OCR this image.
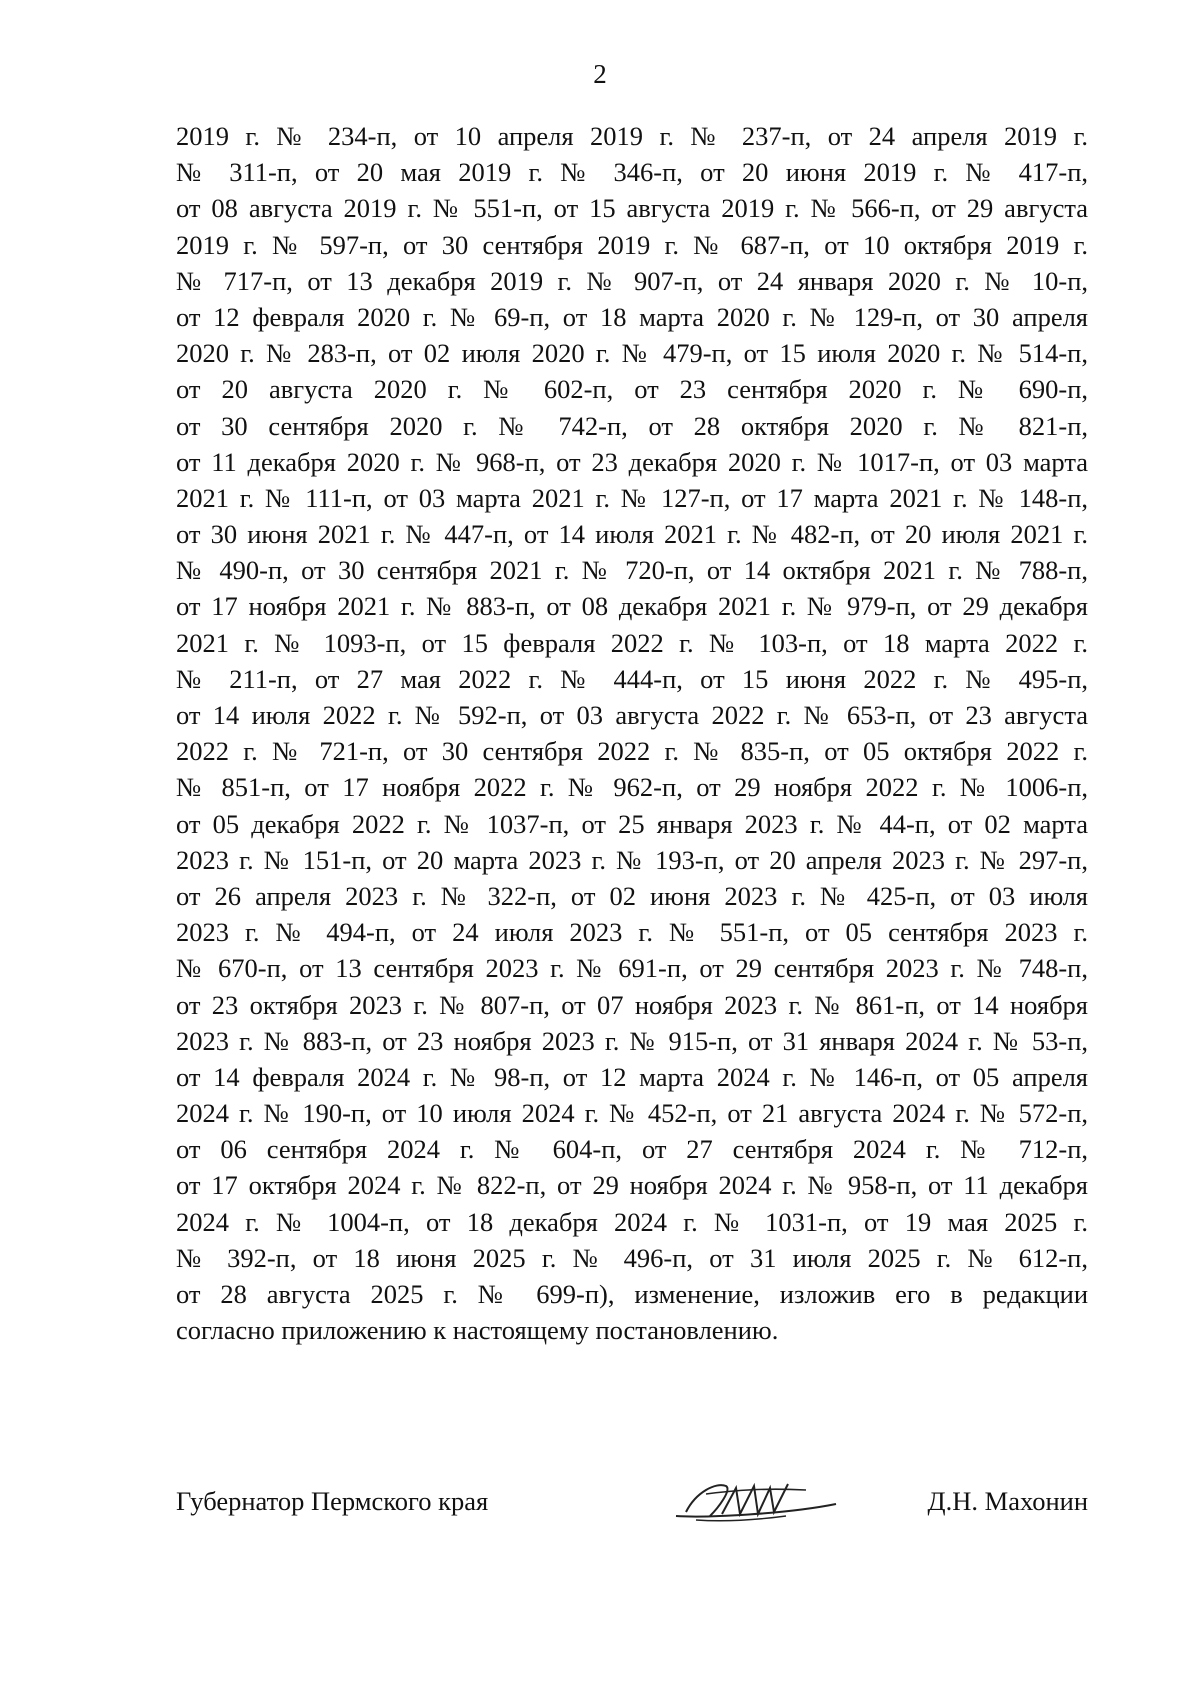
2
2019 г. № 234-п, от 10 апреля 2019 г. № 237-п, от 24 апреля 2019 г.
№ 311-п, от 20 мая 2019 г. № 346-п, от 20 июня 2019 г. № 417-п,
от 08 августа 2019 г. № 551-п, от 15 августа 2019 г. № 566-п, от 29 августа
2019 г. № 597-п, от 30 сентября 2019 г. № 687-п, от 10 октября 2019 г.
№ 717-п, от 13 декабря 2019 г. № 907-п, от 24 января 2020 г. № 10-п,
от 12 февраля 2020 г. № 69-п, от 18 марта 2020 г. № 129-п, от 30 апреля
2020 г. № 283-п, от 02 июля 2020 г. № 479-п, от 15 июля 2020 г. № 514-п,
от 20 августа 2020 г. № 602-п, от 23 сентября 2020 г. № 690-п,
от 30 сентября 2020 г. № 742-п, от 28 октября 2020 г. № 821-п,
от 11 декабря 2020 г. № 968-п, от 23 декабря 2020 г. № 1017-п, от 03 марта
2021 г. № 111-п, от 03 марта 2021 г. № 127-п, от 17 марта 2021 г. № 148-п,
от 30 июня 2021 г. № 447-п, от 14 июля 2021 г. № 482-п, от 20 июля 2021 г.
№ 490-п, от 30 сентября 2021 г. № 720-п, от 14 октября 2021 г. № 788-п,
от 17 ноября 2021 г. № 883-п, от 08 декабря 2021 г. № 979-п, от 29 декабря
2021 г. № 1093-п, от 15 февраля 2022 г. № 103-п, от 18 марта 2022 г.
№ 211-п, от 27 мая 2022 г. № 444-п, от 15 июня 2022 г. № 495-п,
от 14 июля 2022 г. № 592-п, от 03 августа 2022 г. № 653-п, от 23 августа
2022 г. № 721-п, от 30 сентября 2022 г. № 835-п, от 05 октября 2022 г.
№ 851-п, от 17 ноября 2022 г. № 962-п, от 29 ноября 2022 г. № 1006-п,
от 05 декабря 2022 г. № 1037-п, от 25 января 2023 г. № 44-п, от 02 марта
2023 г. № 151-п, от 20 марта 2023 г. № 193-п, от 20 апреля 2023 г. № 297-п,
от 26 апреля 2023 г. № 322-п, от 02 июня 2023 г. № 425-п, от 03 июля
2023 г. № 494-п, от 24 июля 2023 г. № 551-п, от 05 сентября 2023 г.
№ 670-п, от 13 сентября 2023 г. № 691-п, от 29 сентября 2023 г. № 748-п,
от 23 октября 2023 г. № 807-п, от 07 ноября 2023 г. № 861-п, от 14 ноября
2023 г. № 883-п, от 23 ноября 2023 г. № 915-п, от 31 января 2024 г. № 53-п,
от 14 февраля 2024 г. № 98-п, от 12 марта 2024 г. № 146-п, от 05 апреля
2024 г. № 190-п, от 10 июля 2024 г. № 452-п, от 21 августа 2024 г. № 572-п,
от 06 сентября 2024 г. № 604-п, от 27 сентября 2024 г. № 712-п,
от 17 октября 2024 г. № 822-п, от 29 ноября 2024 г. № 958-п, от 11 декабря
2024 г. № 1004-п, от 18 декабря 2024 г. № 1031-п, от 19 мая 2025 г.
№ 392-п, от 18 июня 2025 г. № 496-п, от 31 июля 2025 г. № 612-п,
от 28 августа 2025 г. № 699-п), изменение, изложив его в редакции
согласно приложению к настоящему постановлению.
Губернатор Пермского края	Д.Н. Махонин
